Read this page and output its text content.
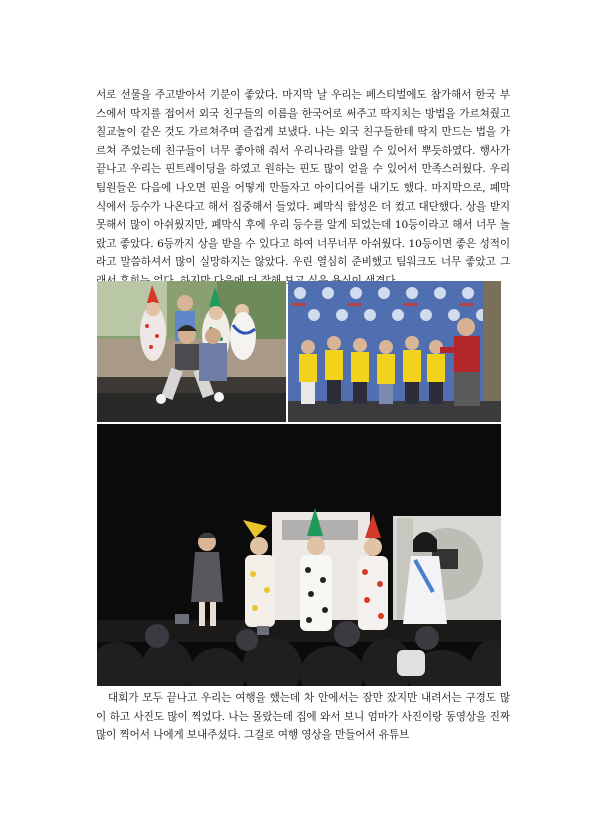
서로 선물을 주고받아서 기분이 좋았다. 마지막 날 우리는 페스티벌에도 참가해서 한국 부스에서 딱지를 접어서 외국 친구들의 이름을 한국어로 써주고 딱지치는 방법을 가르쳐줬고 칠교놀이 같은 것도 가르쳐주며 즐겁게 보냈다. 나는 외국 친구들한테 딱지 만드는 법을 가르쳐 주었는데 친구들이 너무 좋아해 줘서 우리나라를 알릴 수 있어서 뿌듯하였다. 행사가 끝나고 우리는 핀트레이딩을 하였고 원하는 핀도 많이 얻을 수 있어서 만족스러웠다. 우리 팀원들은 다음에 나오면 핀을 어떻게 만들자고 아이디어를 내기도 했다. 마지막으로, 폐막식에서 등수가 나온다고 해서 집중해서 들었다. 폐막식 함성은 더 컸고 대단했다. 상을 받지 못해서 많이 아쉬웠지만, 폐막식 후에 우리 등수를 알게 되었는데 10등이라고 해서 너무 놀랐고 좋았다. 6등까지 상을 받을 수 있다고 하여 너무너무 아쉬웠다. 10등이면 좋은 성적이라고 말씀하셔서 많이 실망하지는 않았다. 우린 열심히 준비했고 팀워크도 너무 좋았고 그

대회가 모두 끝나고 우리는 여행을 했는데 차 안에서는 잠만 잤지만 내려서는 구경도 많이 하고 사진도 많이 찍었다. 나는 몰랐는데 집에 와서 보니 엄마가 사진이랑 동영상을 진짜 많이 찍어서 나에게 보내주셨다. 그걸로 여행 영상을 만들어서 유튜브
